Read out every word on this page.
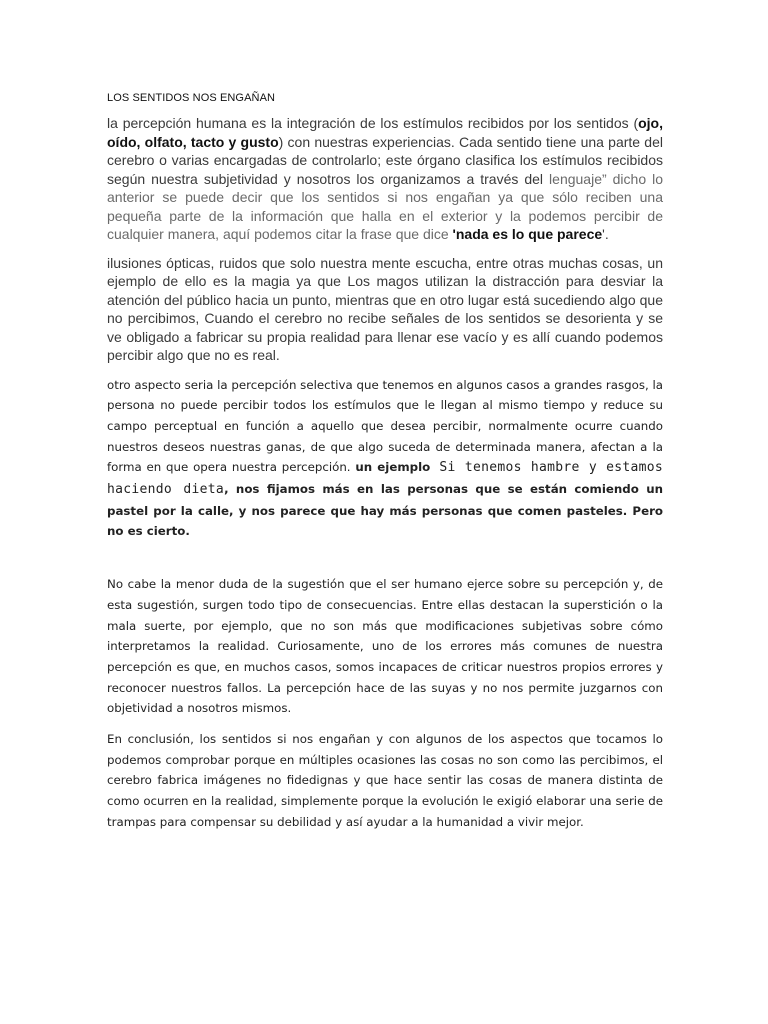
LOS SENTIDOS NOS ENGAÑAN

la percepción humana es la integración de los estímulos recibidos por los sentidos (ojo, oído, olfato, tacto y gusto) con nuestras experiencias. Cada sentido tiene una parte del cerebro o varias encargadas de controlarlo; este órgano clasifica los estímulos recibidos según nuestra subjetividad y nosotros los organizamos a través del lenguaje” dicho lo anterior se puede decir que los sentidos si nos engañan ya que sólo reciben una pequeña parte de la información que halla en el exterior y la podemos percibir de cualquier manera, aquí podemos citar la frase que dice 'nada es lo que parece'.

ilusiones ópticas, ruidos que solo nuestra mente escucha, entre otras muchas cosas, un ejemplo de ello es la magia ya que Los magos utilizan la distracción para desviar la atención del público hacia un punto, mientras que en otro lugar está sucediendo algo que no percibimos, Cuando el cerebro no recibe señales de los sentidos se desorienta y se ve obligado a fabricar su propia realidad para llenar ese vacío y es allí cuando podemos percibir algo que no es real.

otro aspecto seria la percepción selectiva que tenemos en algunos casos a grandes rasgos, la persona no puede percibir todos los estímulos que le llegan al mismo tiempo y reduce su campo perceptual en función a aquello que desea percibir, normalmente ocurre cuando nuestros deseos nuestras ganas, de que algo suceda de determinada manera, afectan a la forma en que opera nuestra percepción. un ejemplo Si tenemos hambre y estamos haciendo dieta, nos fijamos más en las personas que se están comiendo un pastel por la calle, y nos parece que hay más personas que comen pasteles. Pero no es cierto.

No cabe la menor duda de la sugestión que el ser humano ejerce sobre su percepción y, de esta sugestión, surgen todo tipo de consecuencias. Entre ellas destacan la superstición o la mala suerte, por ejemplo, que no son más que modificaciones subjetivas sobre cómo interpretamos la realidad. Curiosamente, uno de los errores más comunes de nuestra percepción es que, en muchos casos, somos incapaces de criticar nuestros propios errores y reconocer nuestros fallos. La percepción hace de las suyas y no nos permite juzgarnos con objetividad a nosotros mismos.

En conclusión, los sentidos si nos engañan y con algunos de los aspectos que tocamos lo podemos comprobar porque en múltiples ocasiones las cosas no son como las percibimos, el cerebro fabrica imágenes no fidedignas y que hace sentir las cosas de manera distinta de como ocurren en la realidad, simplemente porque la evolución le exigió elaborar una serie de trampas para compensar su debilidad y así ayudar a la humanidad a vivir mejor.
